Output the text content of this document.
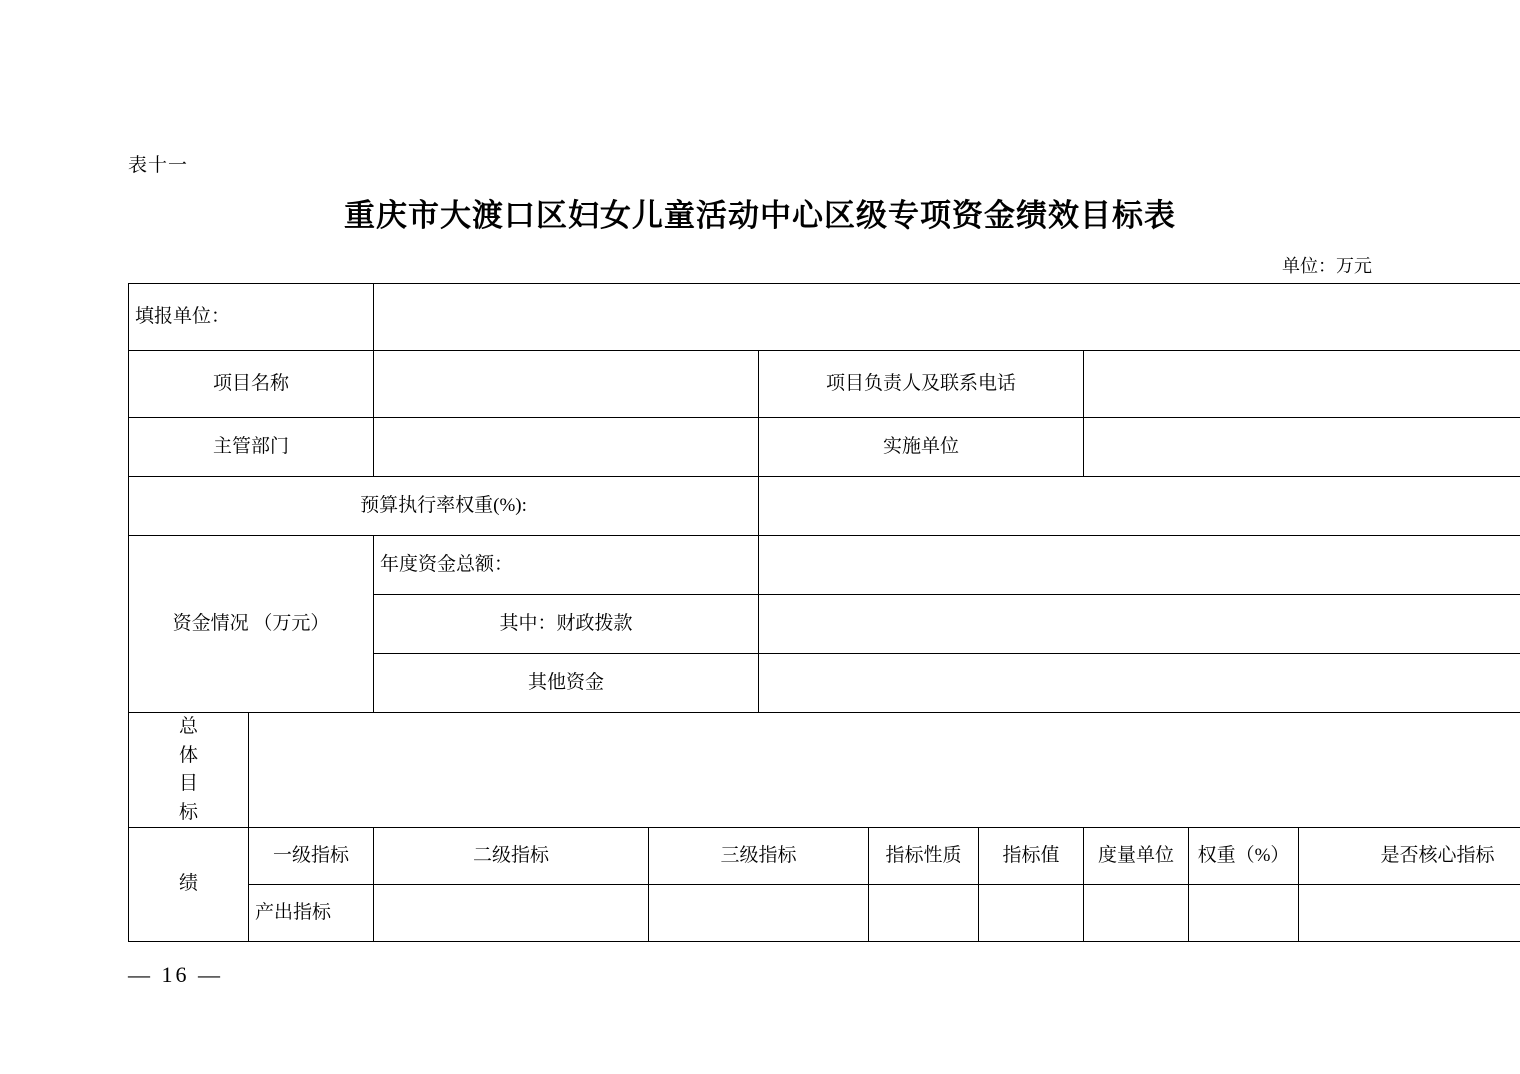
表十一
重庆市大渡口区妇女儿童活动中心区级专项资金绩效目标表
单位：万元
填报单位：									
项目名称				项目负责人及联系电话					
主管部门				实施单位					
预算执行率权重(%):									
资金情况 （万元）		年度资金总额：							
		其中：财政拨款							
		其他资金							

总
体
目
标									

绩	一级指标	二级指标	三级指标		指标性质	指标值	度量单位	权重（%）	是否核心指标
	产出指标								
— 16 —
